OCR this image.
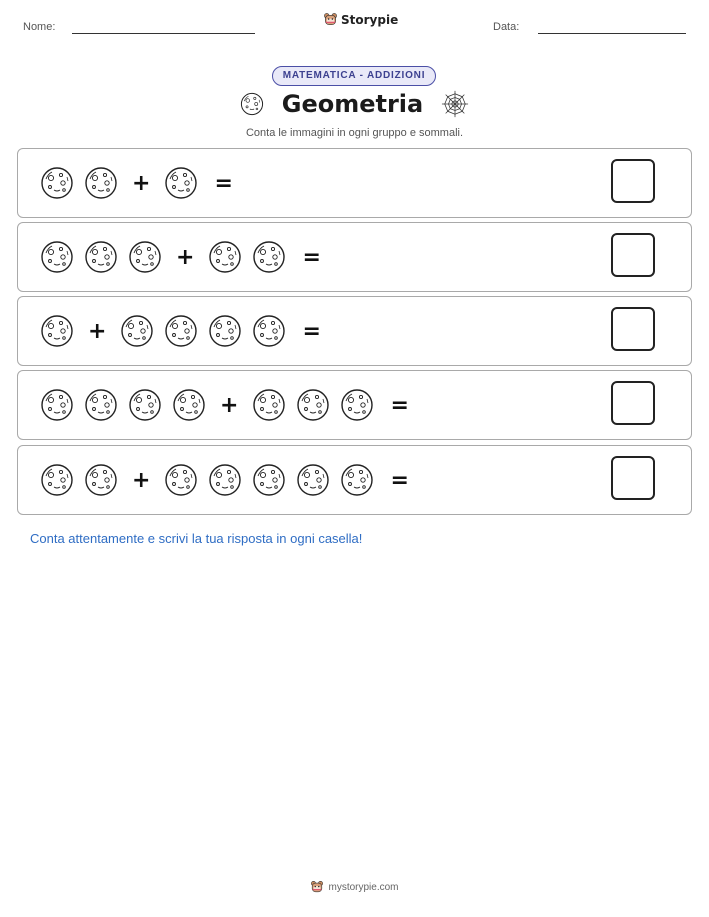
Nome:
Storypie
Data:
MATEMATICA - ADDIZIONI
Geometria
Conta le immagini in ogni gruppo e sommali.
+	=
+	=
+	=
+	=
+	=
Conta attentamente e scrivi la tua risposta in ogni casella!
mystorypie.com
